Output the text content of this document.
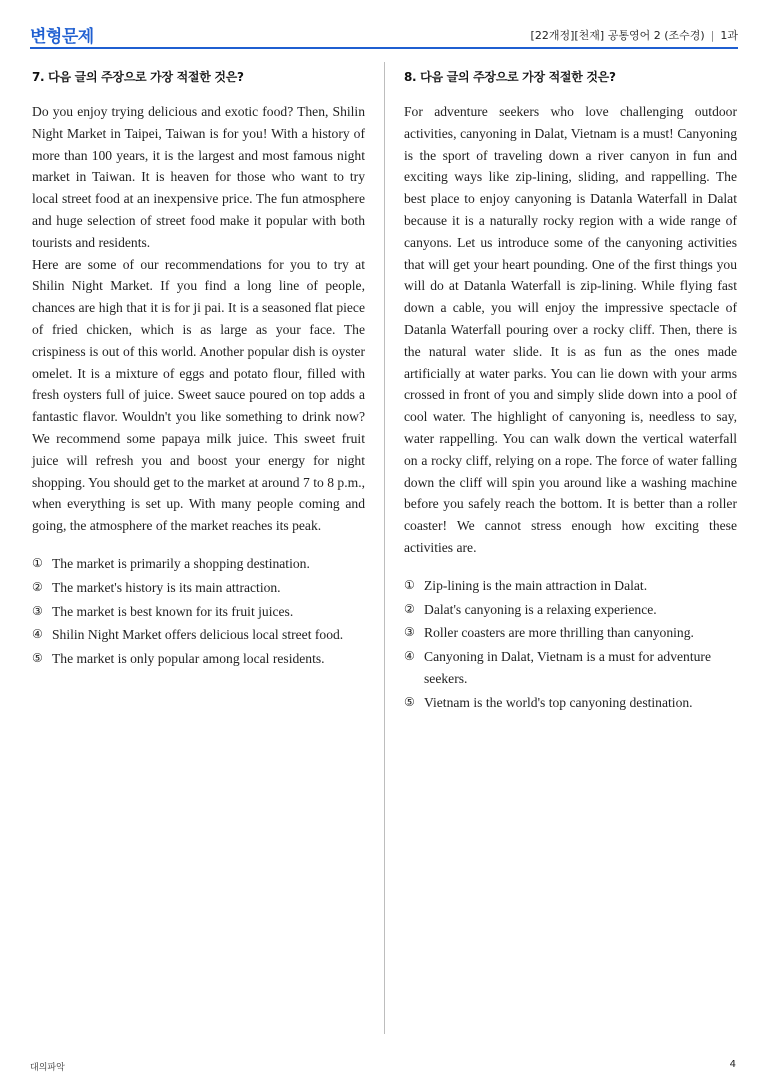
변형문제	[22개정][천재] 공통영어 2 (조수경) | 1과
7. 다음 글의 주장으로 가장 적절한 것은?

Do you enjoy trying delicious and exotic food? Then, Shilin Night Market in Taipei, Taiwan is for you! With a history of more than 100 years, it is the largest and most famous night market in Taiwan. It is heaven for those who want to try local street food at an inexpensive price. The fun atmosphere and huge selection of street food make it popular with both tourists and residents.

Here are some of our recommendations for you to try at Shilin Night Market. If you find a long line of people, chances are high that it is for ji pai. It is a seasoned flat piece of fried chicken, which is as large as your face. The crispiness is out of this world. Another popular dish is oyster omelet. It is a mixture of eggs and potato flour, filled with fresh oysters full of juice. Sweet sauce poured on top adds a fantastic flavor. Wouldn't you like something to drink now? We recommend some papaya milk juice. This sweet fruit juice will refresh you and boost your energy for night shopping. You should get to the market at around 7 to 8 p.m., when everything is set up. With many people coming and going, the atmosphere of the market reaches its peak.

① The market is primarily a shopping destination.
② The market's history is its main attraction.
③ The market is best known for its fruit juices.
④ Shilin Night Market offers delicious local street food.
⑤ The market is only popular among local residents.
8. 다음 글의 주장으로 가장 적절한 것은?

For adventure seekers who love challenging outdoor activities, canyoning in Dalat, Vietnam is a must! Canyoning is the sport of traveling down a river canyon in fun and exciting ways like zip-lining, sliding, and rappelling. The best place to enjoy canyoning is Datanla Waterfall in Dalat because it is a naturally rocky region with a wide range of canyons. Let us introduce some of the canyoning activities that will get your heart pounding. One of the first things you will do at Datanla Waterfall is zip-lining. While flying fast down a cable, you will enjoy the impressive spectacle of Datanla Waterfall pouring over a rocky cliff. Then, there is the natural water slide. It is as fun as the ones made artificially at water parks. You can lie down with your arms crossed in front of you and simply slide down into a pool of cool water. The highlight of canyoning is, needless to say, water rappelling. You can walk down the vertical waterfall on a rocky cliff, relying on a rope. The force of water falling down the cliff will spin you around like a washing machine before you safely reach the bottom. It is better than a roller coaster! We cannot stress enough how exciting these activities are.

① Zip-lining is the main attraction in Dalat.
② Dalat's canyoning is a relaxing experience.
③ Roller coasters are more thrilling than canyoning.
④ Canyoning in Dalat, Vietnam is a must for adventure seekers.
⑤ Vietnam is the world's top canyoning destination.
대의파악	4
